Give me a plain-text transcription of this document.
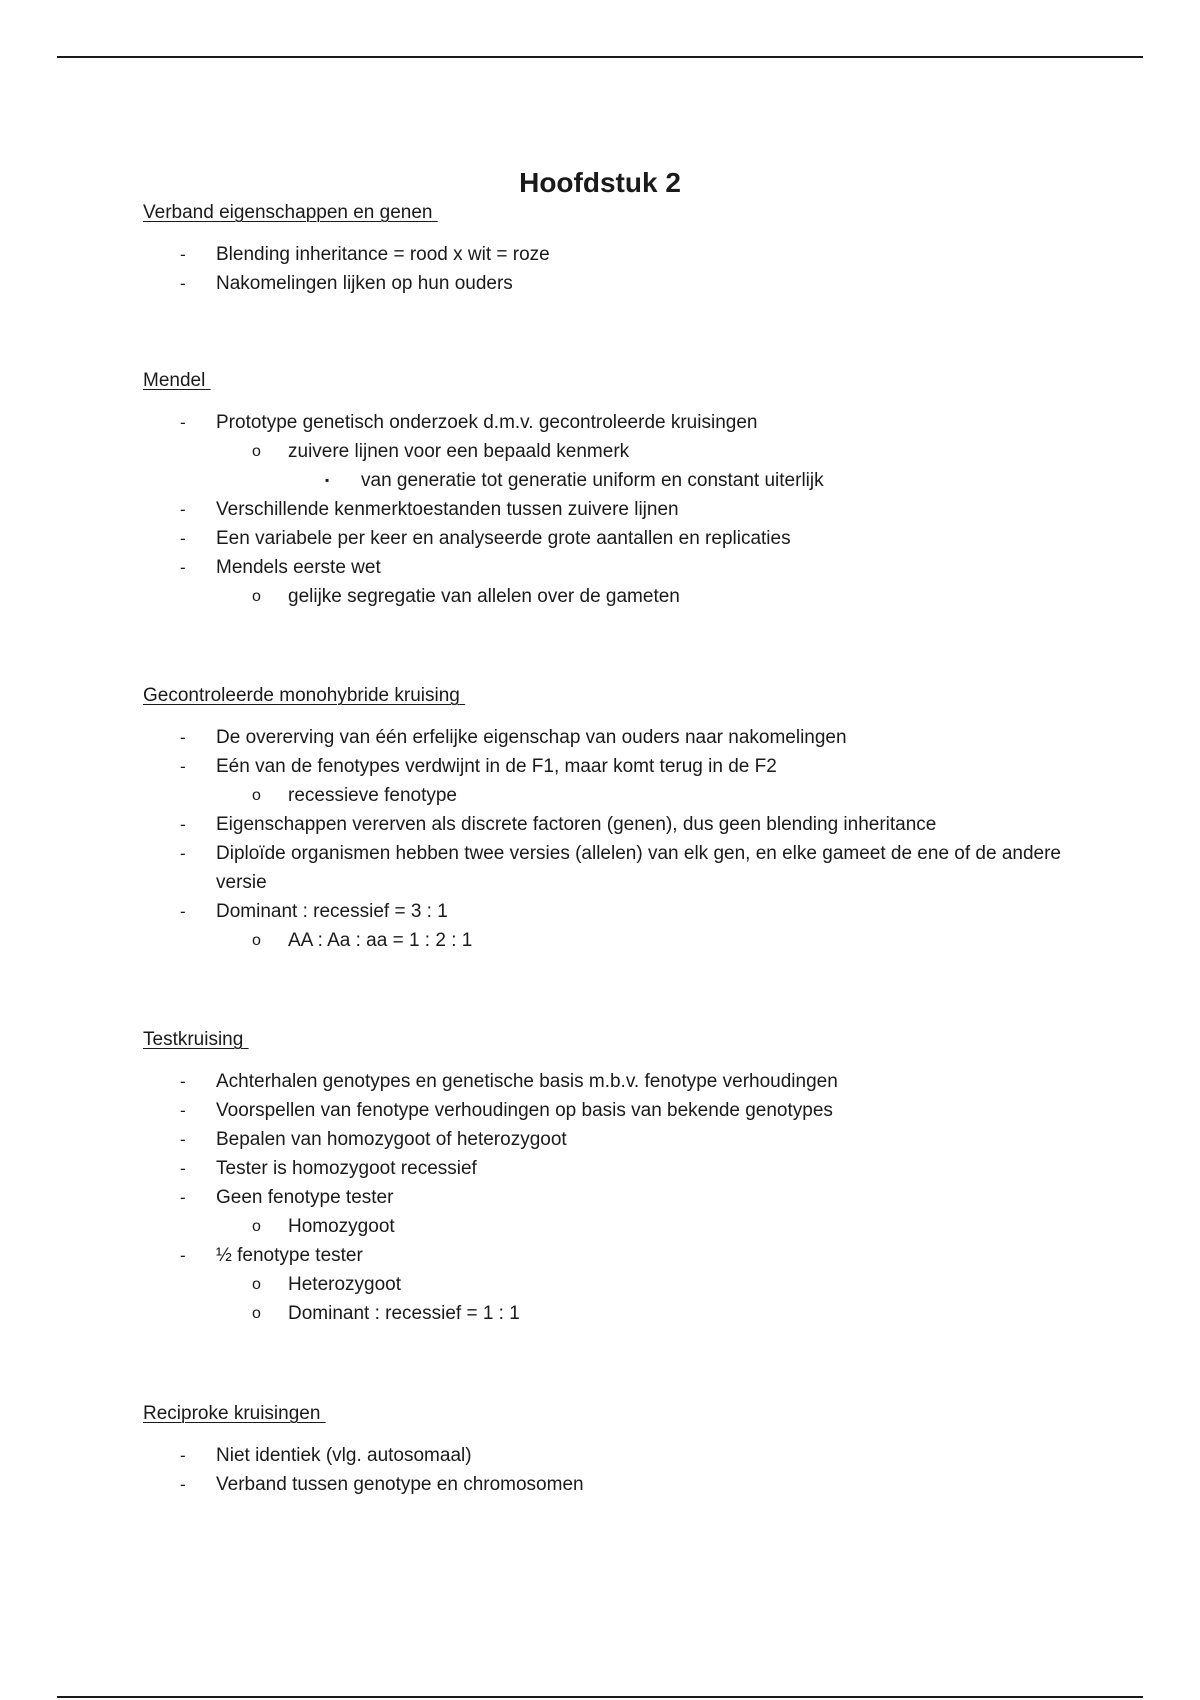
Hoofdstuk 2
Verband eigenschappen en genen
- Blending inheritance = rood x wit = roze
- Nakomelingen lijken op hun ouders
Mendel
- Prototype genetisch onderzoek d.m.v. gecontroleerde kruisingen
o zuivere lijnen voor een bepaald kenmerk
▪ van generatie tot generatie uniform en constant uiterlijk
- Verschillende kenmerktoestanden tussen zuivere lijnen
- Een variabele per keer en analyseerde grote aantallen en replicaties
- Mendels eerste wet
o gelijke segregatie van allelen over de gameten
Gecontroleerde monohybride kruising
- De overerving van één erfelijke eigenschap van ouders naar nakomelingen
- Eén van de fenotypes verdwijnt in de F1, maar komt terug in de F2
o recessieve fenotype
- Eigenschappen vererven als discrete factoren (genen), dus geen blending inheritance
- Diploïde organismen hebben twee versies (allelen) van elk gen, en elke gameet de ene of de andere versie
- Dominant : recessief = 3 : 1
o AA : Aa : aa = 1 : 2 : 1
Testkruising
- Achterhalen genotypes en genetische basis m.b.v. fenotype verhoudingen
- Voorspellen van fenotype verhoudingen op basis van bekende genotypes
- Bepalen van homozygoot of heterozygoot
- Tester is homozygoot recessief
- Geen fenotype tester
o Homozygoot
- ½ fenotype tester
o Heterozygoot
o Dominant : recessief = 1 : 1
Reciproke kruisingen
- Niet identiek (vlg. autosomaal)
- Verband tussen genotype en chromosomen
